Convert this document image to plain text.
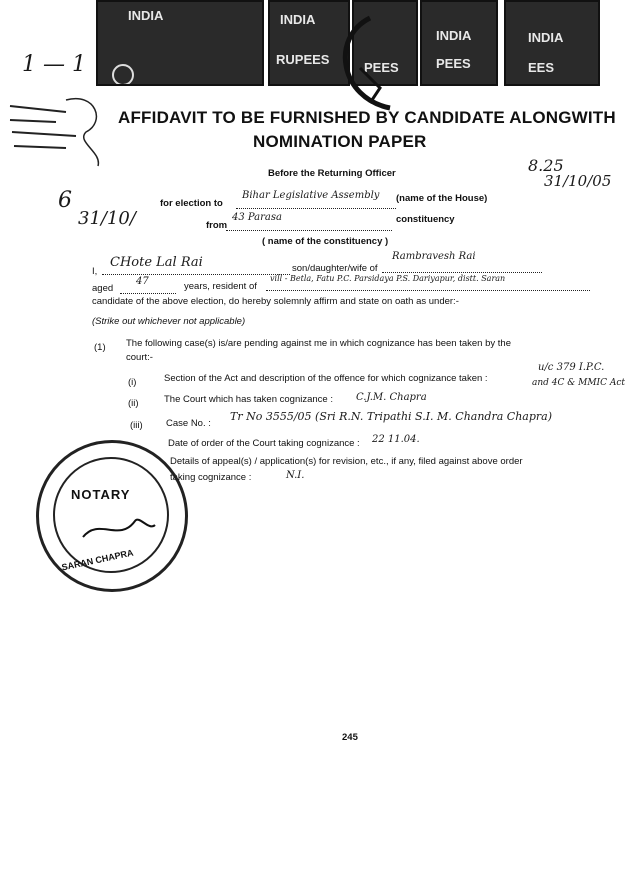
INDIA	INDIA
RUPEES
PEES
INDIA
PEES
INDIA
EES
1 — 1
6
31/10/
AFFIDAVIT TO BE FURNISHED BY CANDIDATE ALONGWITH
NOMINATION PAPER
8.25
31/10/05
Before the Returning Officer
for election to
Bihar Legislative Assembly (name of the House)
from
43 Parasa	constituency
( name of the constituency )
I,
CHote Lal Rai	son/daughter/wife of
Rambravesh Rai
aged
47	years, resident of
vill - Betla, Fatu P.C. Parsidaya P.S. Dariyapur, distt. Saran
candidate of the above election, do hereby solemnly affirm and state on oath as under:-
(Strike out whichever not applicable)
(1) The following case(s) is/are pending against me in which cognizance has been taken by the
court:-
(i)	Section of the Act and description of the offence for which cognizance taken :
u/c 379 I.P.C.
and 4C & MMIC Act
(ii)	The Court which has taken cognizance : C.J.M. Chapra
(iii) Case No. :
Tr No 3555/05 (Sri R.N. Tripathi S.I. M. Chandra Chapra)
Date of order of the Court taking cognizance : 22 11.04.
Details of appeal(s) / application(s) for revision, etc., if any, filed against above order
taking cognizance :	N.I.
NOTARY
SARAN CHAPRA
245
